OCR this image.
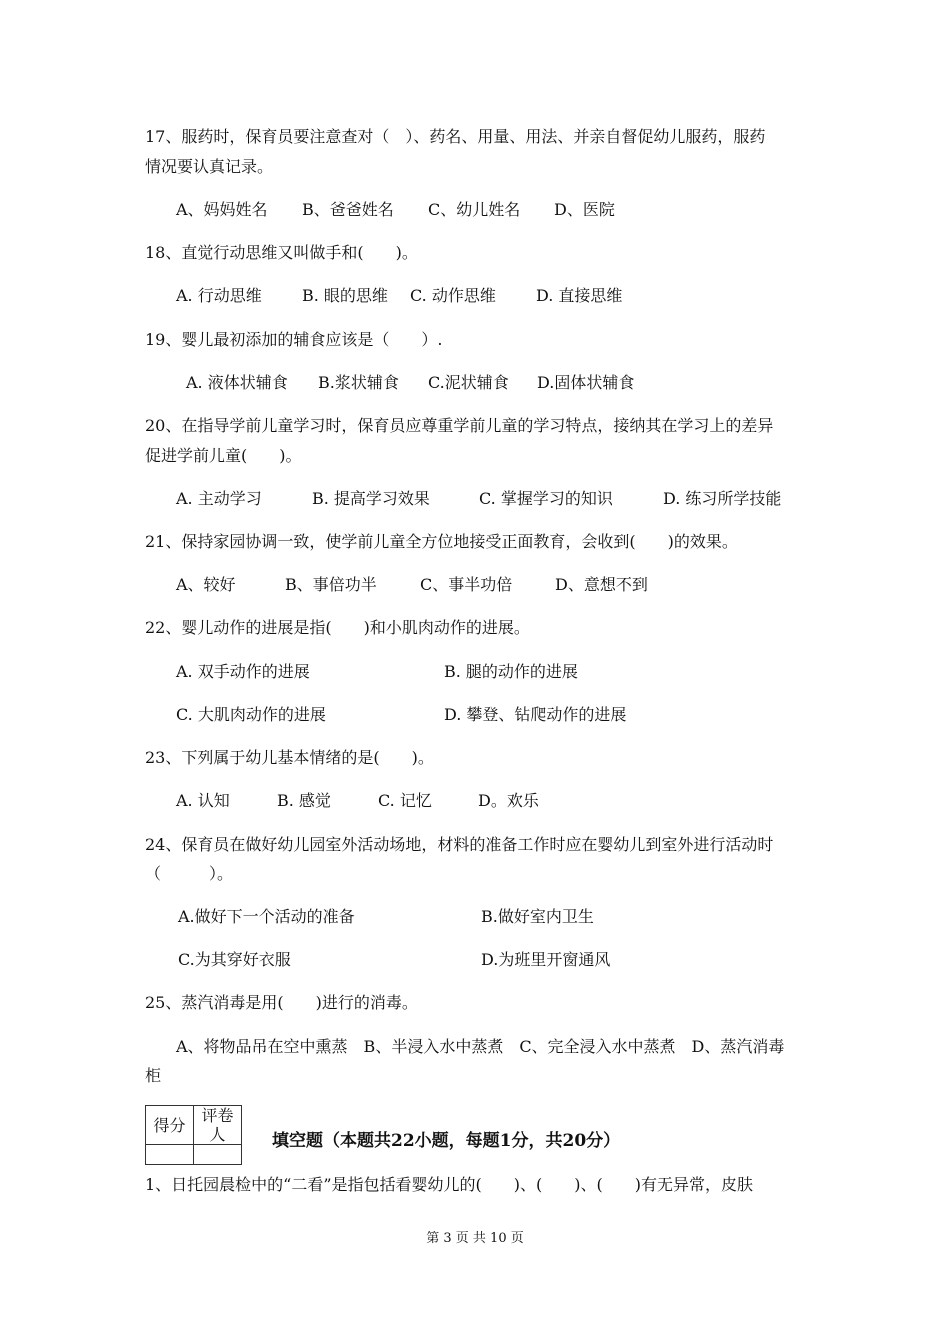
17、服药时，保育员要注意查对（　）、药名、用量、用法、并亲自督促幼儿服药，服药
情况要认真记录。
A、妈妈姓名 B、爸爸姓名 C、幼儿姓名 D、医院
18、直觉行动思维又叫做手和(　　)。
A. 行动思维	B. 眼的思维 C. 动作思维	D. 直接思维
19、婴儿最初添加的辅食应该是（　　）.
A. 液体状辅食 B.浆状辅食 C.泥状辅食 D.固体状辅食
20、在指导学前儿童学习时，保育员应尊重学前儿童的学习特点，接纳其在学习上的差异
促进学前儿童(　　)。
A. 主动学习	B. 提高学习效果	C. 掌握学习的知识	D. 练习所学技能
21、保持家园协调一致，使学前儿童全方位地接受正面教育，会收到(　　)的效果。
A、较好	B、事倍功半	C、事半功倍	D、意想不到
22、婴儿动作的进展是指(　　)和小肌肉动作的进展。
A. 双手动作的进展	B. 腿的动作的进展
C. 大肌肉动作的进展	D. 攀登、钻爬动作的进展
23、下列属于幼儿基本情绪的是(　　)。
A. 认知	B. 感觉	C. 记忆	D。欢乐
24、保育员在做好幼儿园室外活动场地，材料的准备工作时应在婴幼儿到室外进行活动时
（　　　）。
A.做好下一个活动的准备	B.做好室内卫生
C.为其穿好衣服	D.为班里开窗通风
25、蒸汽消毒是用(　　)进行的消毒。
A、将物品吊在空中熏蒸　B、半浸入水中蒸煮　C、完全浸入水中蒸煮　D、蒸汽消毒
柜
得分	评卷人
		填空题（本题共22小题，每题1分，共20分）
1、日托园晨检中的“二看”是指包括看婴幼儿的(　　)、(　　)、(　　)有无异常，皮肤
第 3 页 共 10 页
